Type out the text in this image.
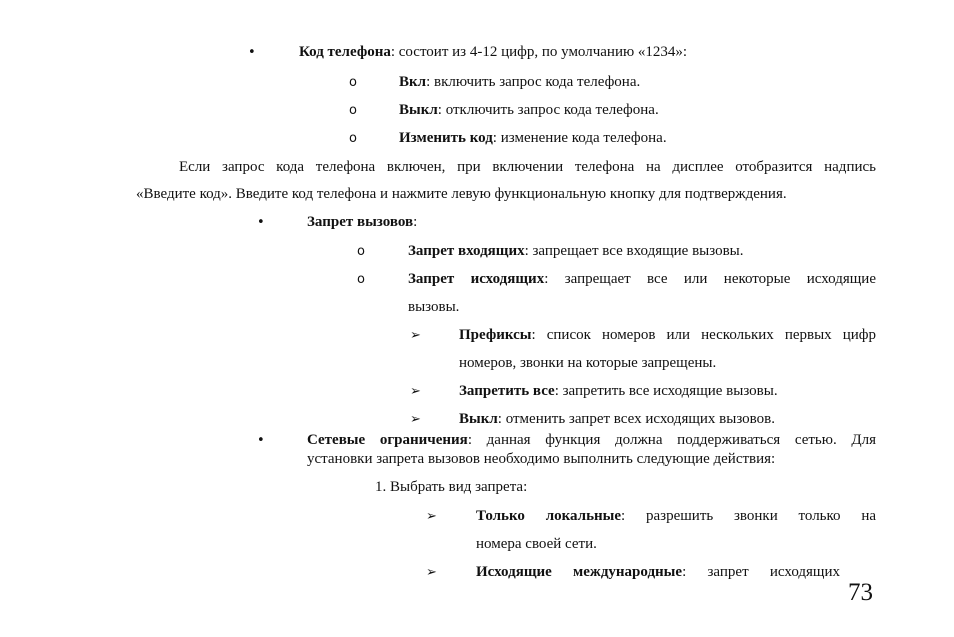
•	Код телефона: состоит из 4-12 цифр, по умолчанию «1234»:
o	Вкл: включить запрос кода телефона.
o	Выкл: отключить запрос кода телефона.
o	Изменить код: изменение кода телефона.
Если запрос кода телефона включен, при включении телефона на дисплее отобразится надпись
«Введите код». Введите код телефона и нажмите левую функциональную кнопку для подтверждения.
•	Запрет вызовов:
o	Запрет входящих: запрещает все входящие вызовы.
o	Запрет исходящих: запрещает все или некоторые исходящие
вызовы.
➢	Префиксы: список номеров или нескольких первых цифр
номеров, звонки на которые запрещены.
➢	Запретить все: запретить все исходящие вызовы.
➢	Выкл: отменить запрет всех исходящих вызовов.
•	Сетевые ограничения: данная функция должна поддерживаться сетью. Для
установки запрета вызовов необходимо выполнить следующие действия:
1. Выбрать вид запрета:
➢	Только локальные: разрешить звонки только на
номера своей сети.
➢	Исходящие международные: запрет исходящих
73
